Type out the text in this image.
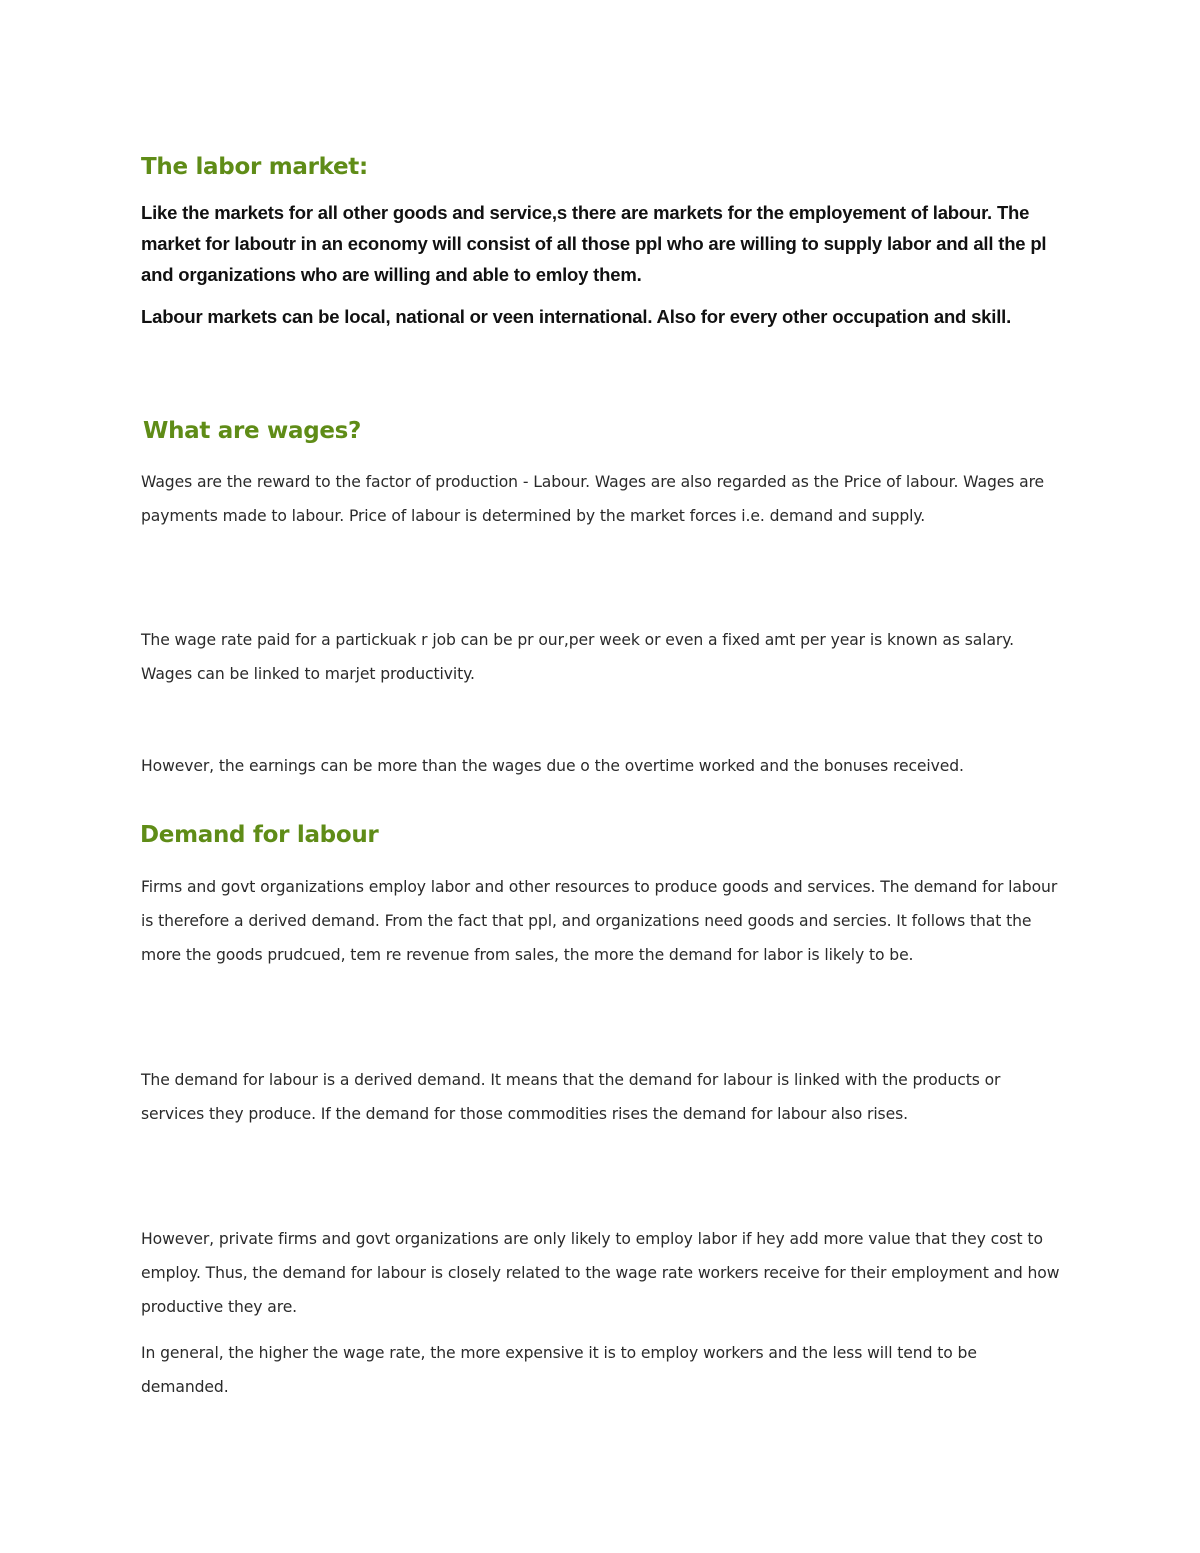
The labor market:

Like the markets for all other goods and service,s there are markets for the employement of labour. The market for laboutr in an economy will consist of all those ppl who are willing to supply labor and all the pl and organizations who are willing and able to emloy them.

Labour markets can be local, national or veen international. Also for every other occupation and skill.

What are wages?

Wages are the reward to the factor of production - Labour. Wages are also regarded as the Price of labour. Wages are payments made to labour. Price of labour is determined by the market forces i.e. demand and supply.

The wage rate paid for a partickuak r job can be pr our,per week or even a fixed amt per year is known as salary. Wages can be linked to marjet productivity.

However, the earnings can be more than the wages due o the overtime worked and the bonuses received.

Demand for labour

Firms and govt organizations employ labor and other resources to produce goods and services. The demand for labour is therefore a derived demand. From the fact that ppl, and organizations need goods and sercies. It follows that the more the goods prudcued, tem re revenue from sales, the more the demand for labor is likely to be.

The demand for labour is a derived demand. It means that the demand for labour is linked with the products or services they produce. If the demand for those commodities rises the demand for labour also rises.

However, private firms and govt organizations are only likely to employ labor if hey add more value that they cost to employ. Thus, the demand for labour is closely related to the wage rate workers receive for their employment and how productive they are.

In general, the higher the wage rate, the more expensive it is to employ workers and the less will tend to be demanded.
